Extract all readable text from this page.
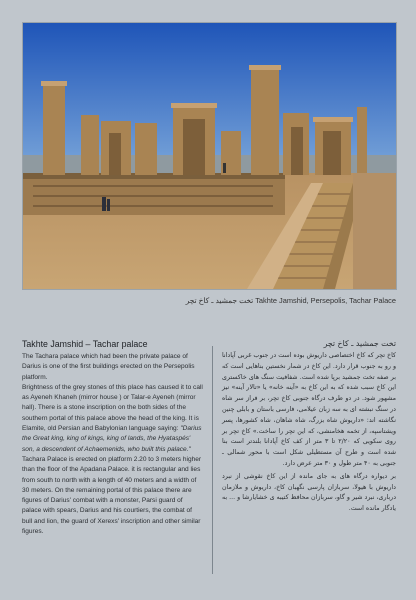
تخت جمشید ـ کاخ تچر Takhte Jamshid, Persepolis, Tachar Palace
Takhte Jamshid – Tachar palace

The Tachara palace which had been the private palace of Darius is one of the first buildings erected on the Persepolis platform.

Brightness of the grey stones of this place has caused it to call as Ayeneh Khaneh (mirror house ) or Talar-e Ayeneh (mirror hall). There is a stone inscription on the both sides of the southern portal of this palace above the head of the king. It is Elamite, old Persian and Babylonian language saying: "Darius the Great king, king of kings, king of lands, the Hyataspés' son, a descendent of Achaemenids, who built this palace." Tachara Palace is erected on platform 2.20 to 3 meters higher than the floor of the Apadana Palace. it is rectangular and lies from south to north with a length of 40 meters and a width of 30 meters. On the remaining portal of this palace there are figures of Darius' combat with a monster, Parsi guard of palace with spears, Darius and his courtiers, the combat of bull and lion, the guard of Xerexs' inscription and other similar figures.

تخت جمشید ـ کاخ تچر

کاخ تچر که کاخ اختصاصی داریوش بوده است در جنوب غربی آپادانا و رو به جنوب قرار دارد. این کاخ در شمار نخستین بناهایی است که بر صفه تخت جمشید برپا شده است. شفافیت سنگ های خاکستری این کاخ سبب شده که به این کاخ به «آینه خانه» یا «تالار آینه» نیز مشهور شود. در دو طرف درگاه جنوبی کاخ تچر، بر فراز سر شاه در سنگ نبشته ای به سه زبان عیلامی، فارسی باستان و بابلی چنین نگاشته اند: «داریوش شاه بزرگ، شاه شاهان، شاه کشورها، پسر ویشتاسپه، از تخمه هخامنشی، که این تچر را ساخت.» کاخ تچر بر روی سکویی که ۲/۲۰ تا ۳ متر از کف کاخ آپادانا بلندتر است بنا شده است و طرح آن مستطیلی شکل است با محور شمالی ـ جنوبی به ۴۰ متر طول و ۳۰ متر عرض دارد.

بر دیواره درگاه های به جای مانده از این کاخ نقوشی از نبرد داریوش با هیولا، سربازان پارسی نگهبان کاخ، داریوش و ملازمان درباری، نبرد شیر و گاو، سربازان محافظ کتیبه ی خشایارشا و ... به یادگار مانده است.
